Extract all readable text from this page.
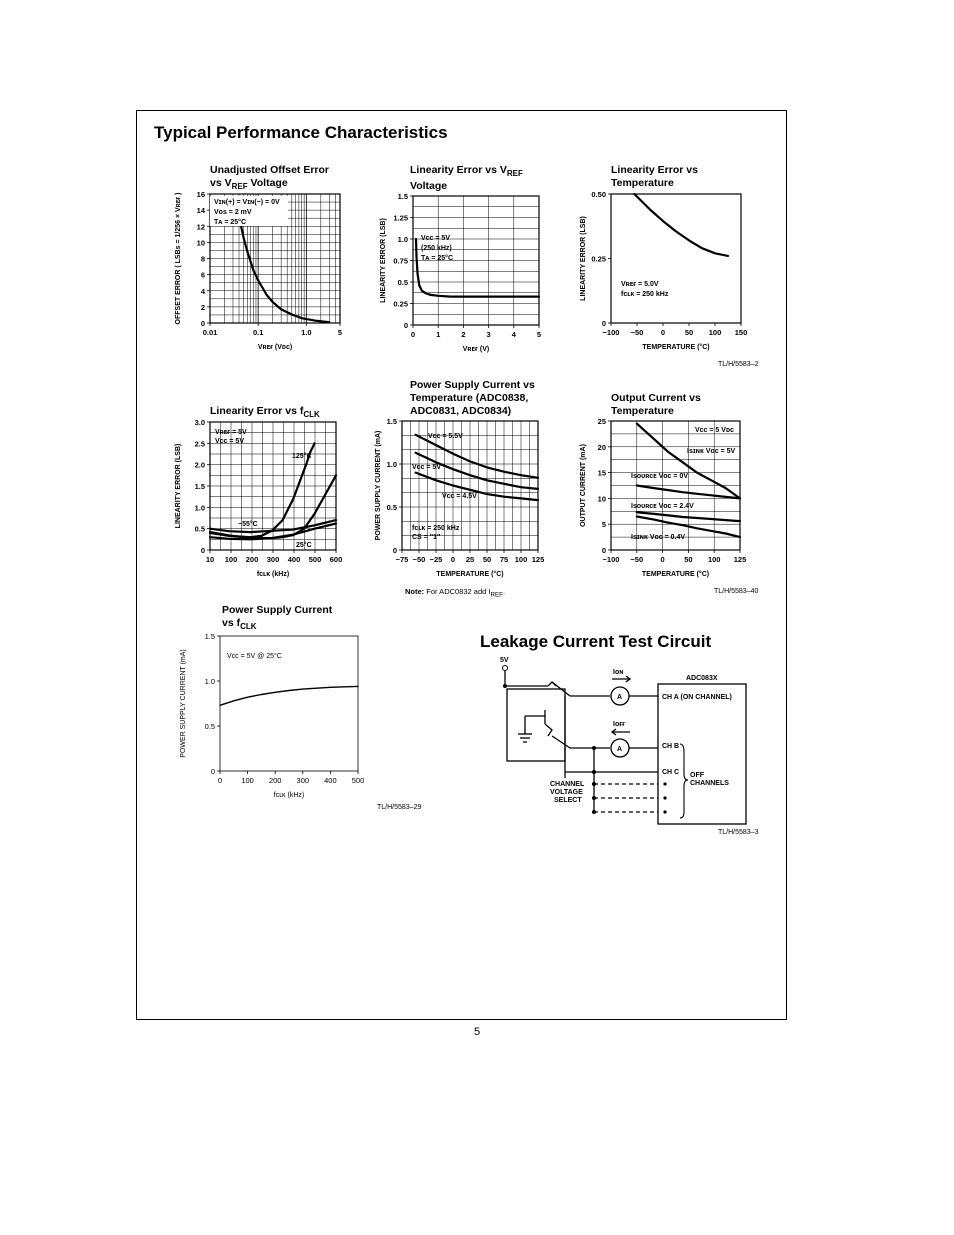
Typical Performance Characteristics
Unadjusted Offset Error
vs $V_{REF}$ Voltage
0
2
4
6
8
10
12
14
16
0.01	0.1	1.0	5
Vʀᴇғ (Vᴅᴄ)
OFFSET ERROR ( LSBs = 1/256 × Vʀᴇғ )	Vɪɴ(+) = Vɪɴ(−) = 0V
Vᴏѕ = 2 mV
Tᴀ = 25°C
Linearity Error vs $V_{REF}$
Voltage
0
0.25
0.5
0.75
1.0
1.25
1.5
0	1	2	3	4	5
Vʀᴇғ (V)
LINEARITY ERROR (LSB)	Vᴄᴄ = 5V
(250 kHz)
Tᴀ = 25°C
Linearity Error vs
Temperature
0
0.25
0.50
−100 −50 0	50 100 150
TEMPERATURE (°C)
LINEARITY ERROR (LSB)	Vʀᴇғ = 5.0V
fᴄʟᴋ = 250 kHz
TL/H/5583–2
Linearity Error vs $f_{CLK}$
0
0.5
1.0
1.5
2.0
2.5
3.0
10 100 200 300 400 500 600
fᴄʟᴋ (kHz)
LINEARITY ERROR (LSB)	125°C
−55°C
25°C
Vʀᴇғ = 5V
Vᴄᴄ = 5V
Power Supply Current vs
Temperature (ADC0838,
ADC0831, ADC0834)
0
0.5
1.0
1.5
−75 −50 −25 0 25 50 75 100 125
TEMPERATURE (°C)
POWER SUPPLY CURRENT (mA)	Vᴄᴄ = 5.5V
Vᴄᴄ = 5V
Vᴄᴄ = 4.5V
fᴄʟᴋ = 250 kHz
CS = ′′1′′
Output Current vs
Temperature
0
5
10
15
20
25
−100 −50 0	50 100 125
TEMPERATURE (°C)
OUTPUT CURRENT (mA)	Iѕɪɴᴋ Vᴏᴄ = 5V
Iѕᴏᴜʀᴄᴇ Vᴏᴄ = 0V
Iѕᴏᴜʀᴄᴇ Vᴏᴄ = 2.4V
Iѕɪɴᴋ Vᴏᴄ = 0.4V
Vᴄᴄ = 5 Vᴅᴄ
Note: For ADC0832 add $I_{REF}$.	TL/H/5583–40
Power Supply Current
vs $f_{CLK}$
0
0.5
1.0
1.5
0	100 200 300 400 500
fᴄʟᴋ (kHz)
POWER SUPPLY CURRENT (mA)	Vᴄᴄ = 5V @ 25°C
TL/H/5583–29
Leakage Current Test Circuit
5V
CHANNEL
VOLTAGE
SELECT
A
A
Iᴏɴ
Iᴏғғ
ADC083X
CH A (ON CHANNEL)
CH B
CH C OFF
CHANNELS
TL/H/5583–3
5
